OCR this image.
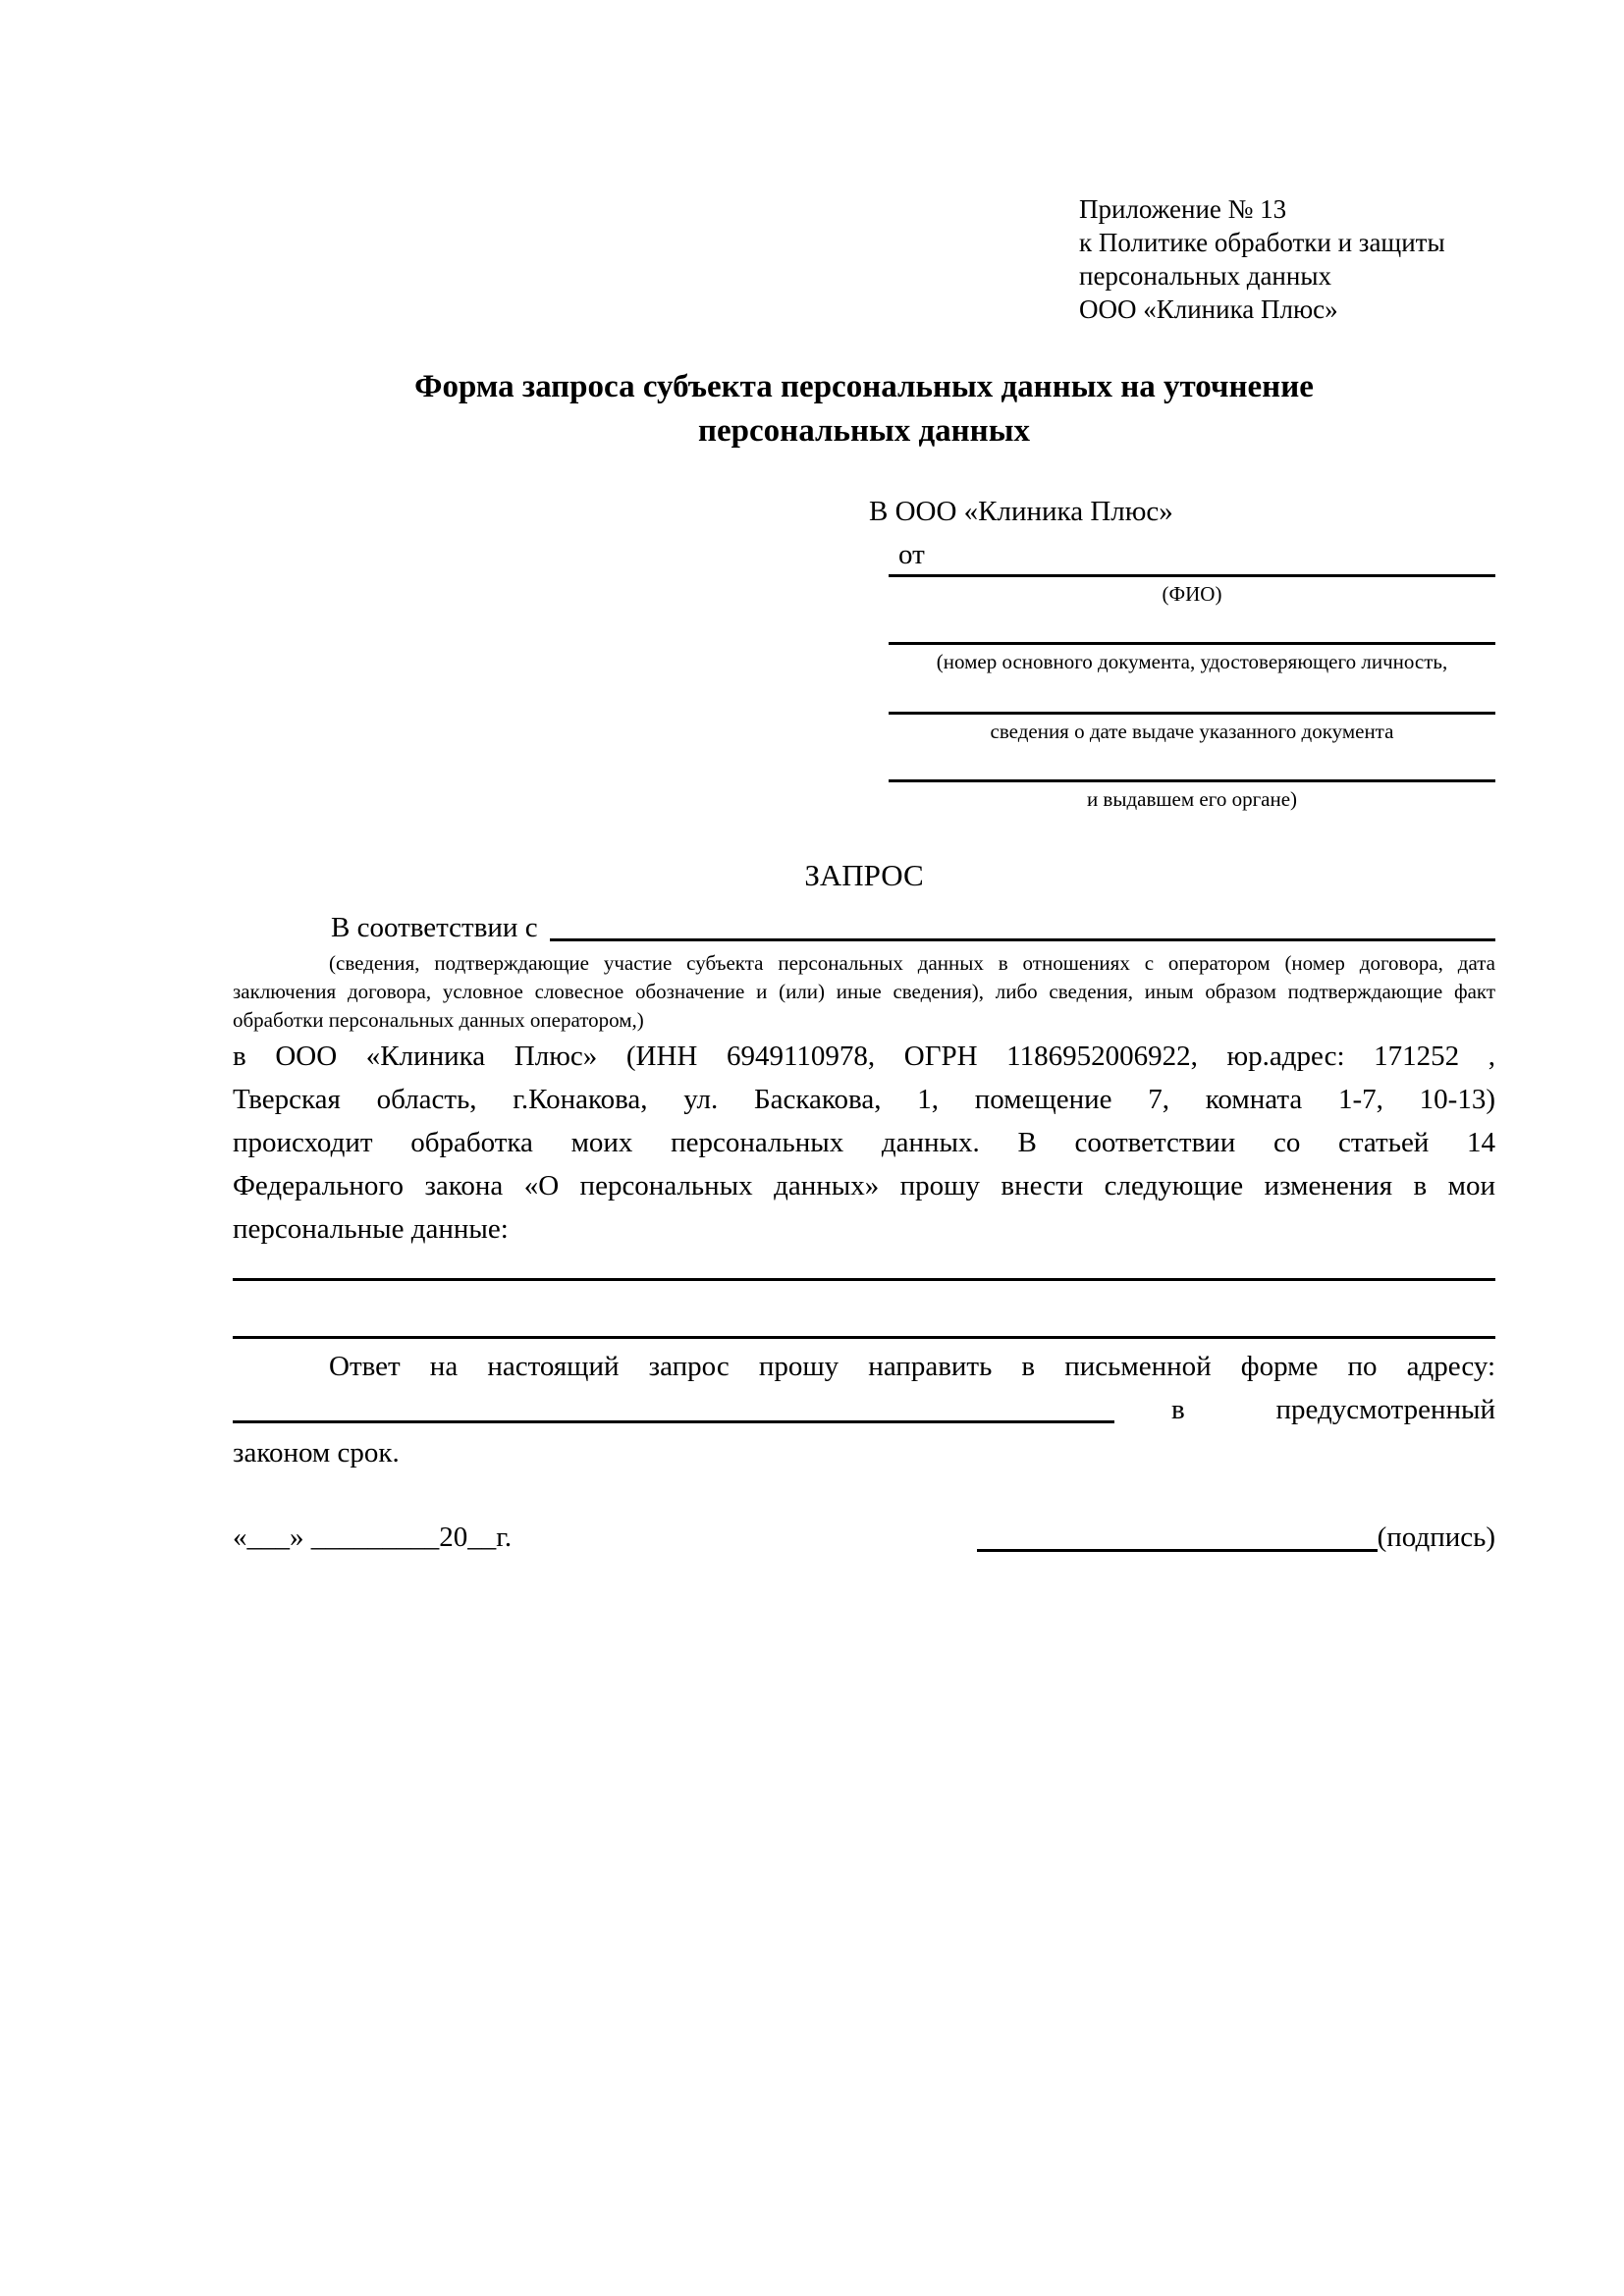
Приложение № 13
к Политике обработки и защиты
персональных данных
ООО «Клиника Плюс»
Форма запроса субъекта персональных данных на уточнение
персональных данных
В ООО «Клиника Плюс»
от
(ФИО)
(номер основного документа, удостоверяющего личность,
сведения о дате выдаче указанного документа
и выдавшем его органе)
ЗАПРОС
В соответствии с
(сведения, подтверждающие участие субъекта персональных данных в отношениях с оператором (номер договора, дата
заключения договора, условное словесное обозначение и (или) иные сведения), либо сведения, иным образом подтверждающие факт
обработки персональных данных оператором,)
в ООО «Клиника Плюс» (ИНН 6949110978, ОГРН 1186952006922, юр.адрес: 171252 ,
Тверская область, г.Конакова, ул. Баскакова, 1, помещение 7, комната 1-7, 10-13)
происходит обработка моих персональных данных. В соответствии со статьей 14
Федерального закона «О персональных данных» прошу внести следующие изменения в мои
персональные данные:
Ответ на настоящий запрос прошу направить в письменной форме по адресу:
в	предусмотренный
законом срок.
«___» _________20__г.	(подпись)
